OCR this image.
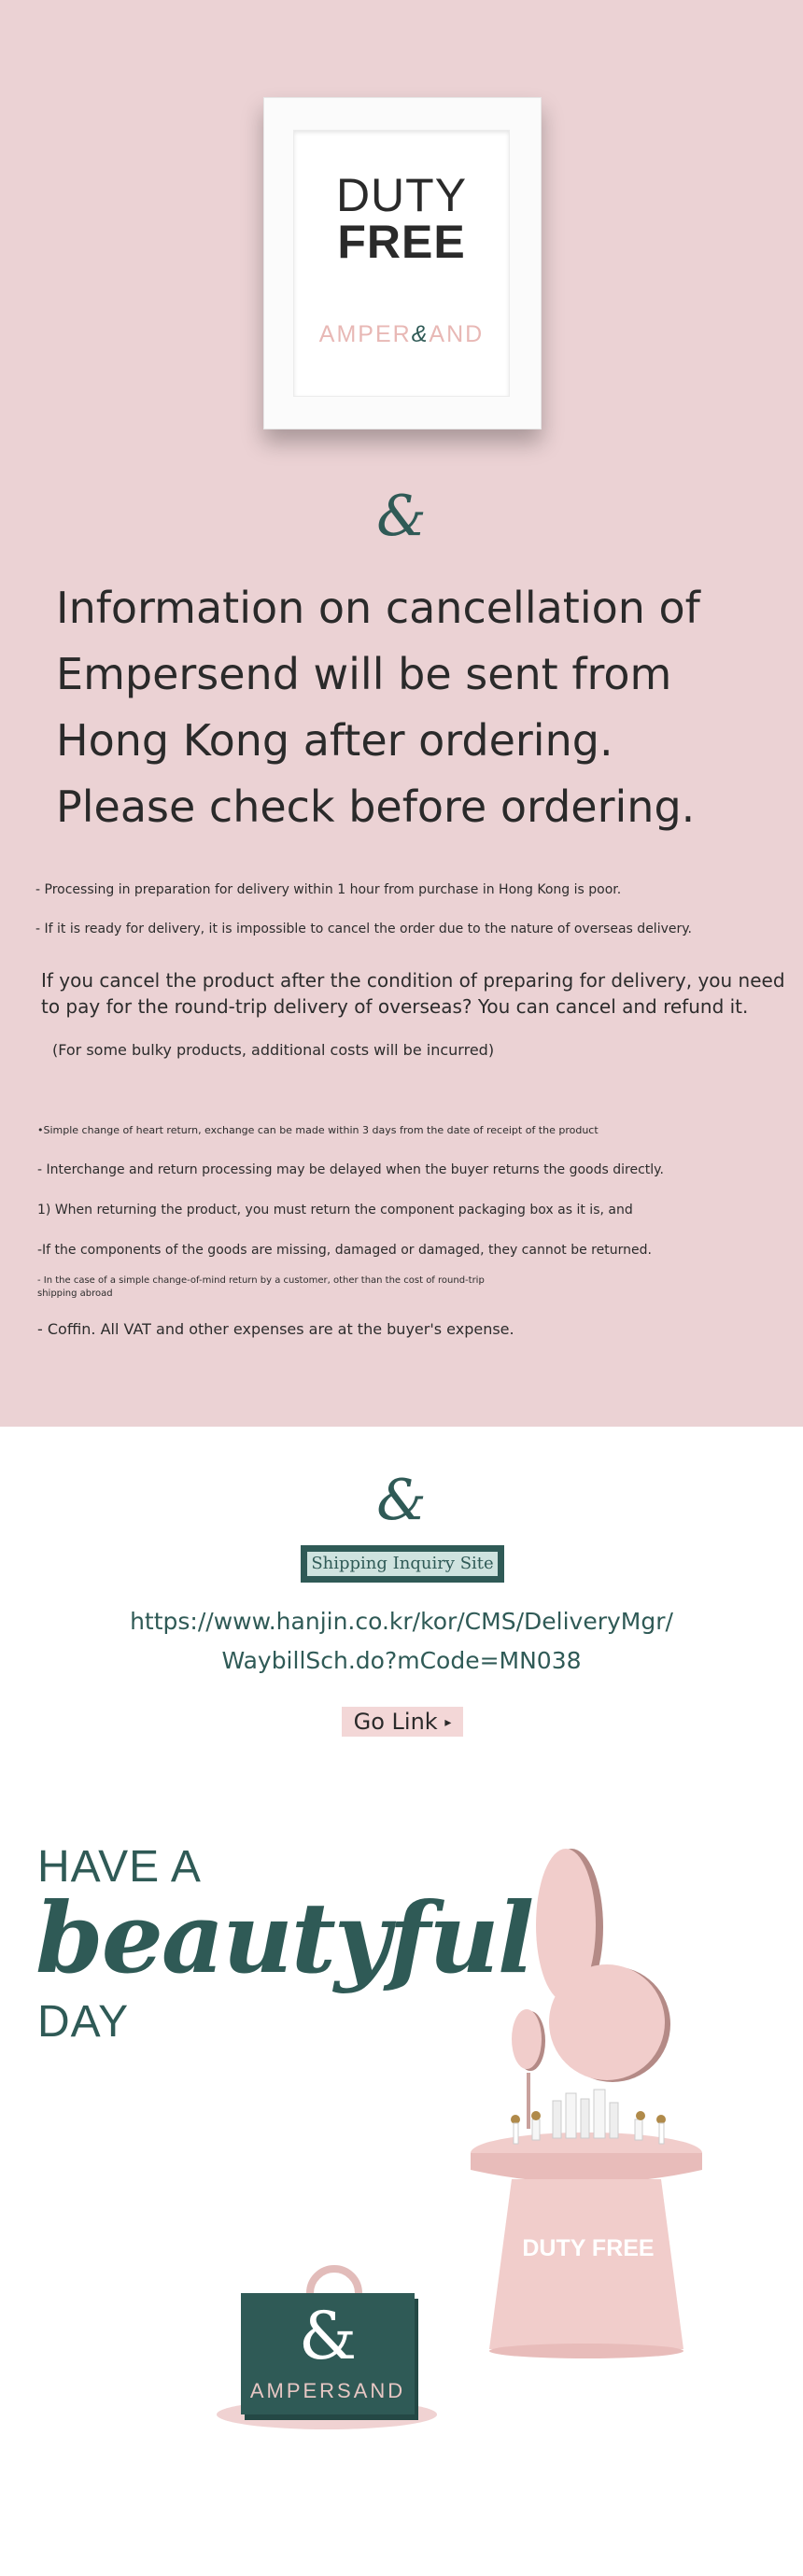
DUTY
FREE
AMPER&AND
&
Information on cancellation of
Empersend will be sent from
Hong Kong after ordering.
Please check before ordering.
- Processing in preparation for delivery within 1 hour from purchase in Hong Kong is poor.
- If it is ready for delivery, it is impossible to cancel the order due to the nature of overseas delivery.
If you cancel the product after the condition of preparing for delivery, you need
to pay for the round-trip delivery of overseas? You can cancel and refund it.
(For some bulky products, additional costs will be incurred)
•Simple change of heart return, exchange can be made within 3 days from the date of receipt of the product
- Interchange and return processing may be delayed when the buyer returns the goods directly.
1) When returning the product, you must return the component packaging box as it is, and
-If the components of the goods are missing, damaged or damaged, they cannot be returned.
- In the case of a simple change-of-mind return by a customer, other than the cost of round-trip
shipping abroad
- Coffin. All VAT and other expenses are at the buyer's expense.
&
Shipping Inquiry Site
https://www.hanjin.co.kr/kor/CMS/DeliveryMgr/
WaybillSch.do?mCode=MN038
Go Link ▸
HAVE A
beautyful
DAY
DUTY FREE
&
AMPERSAND
